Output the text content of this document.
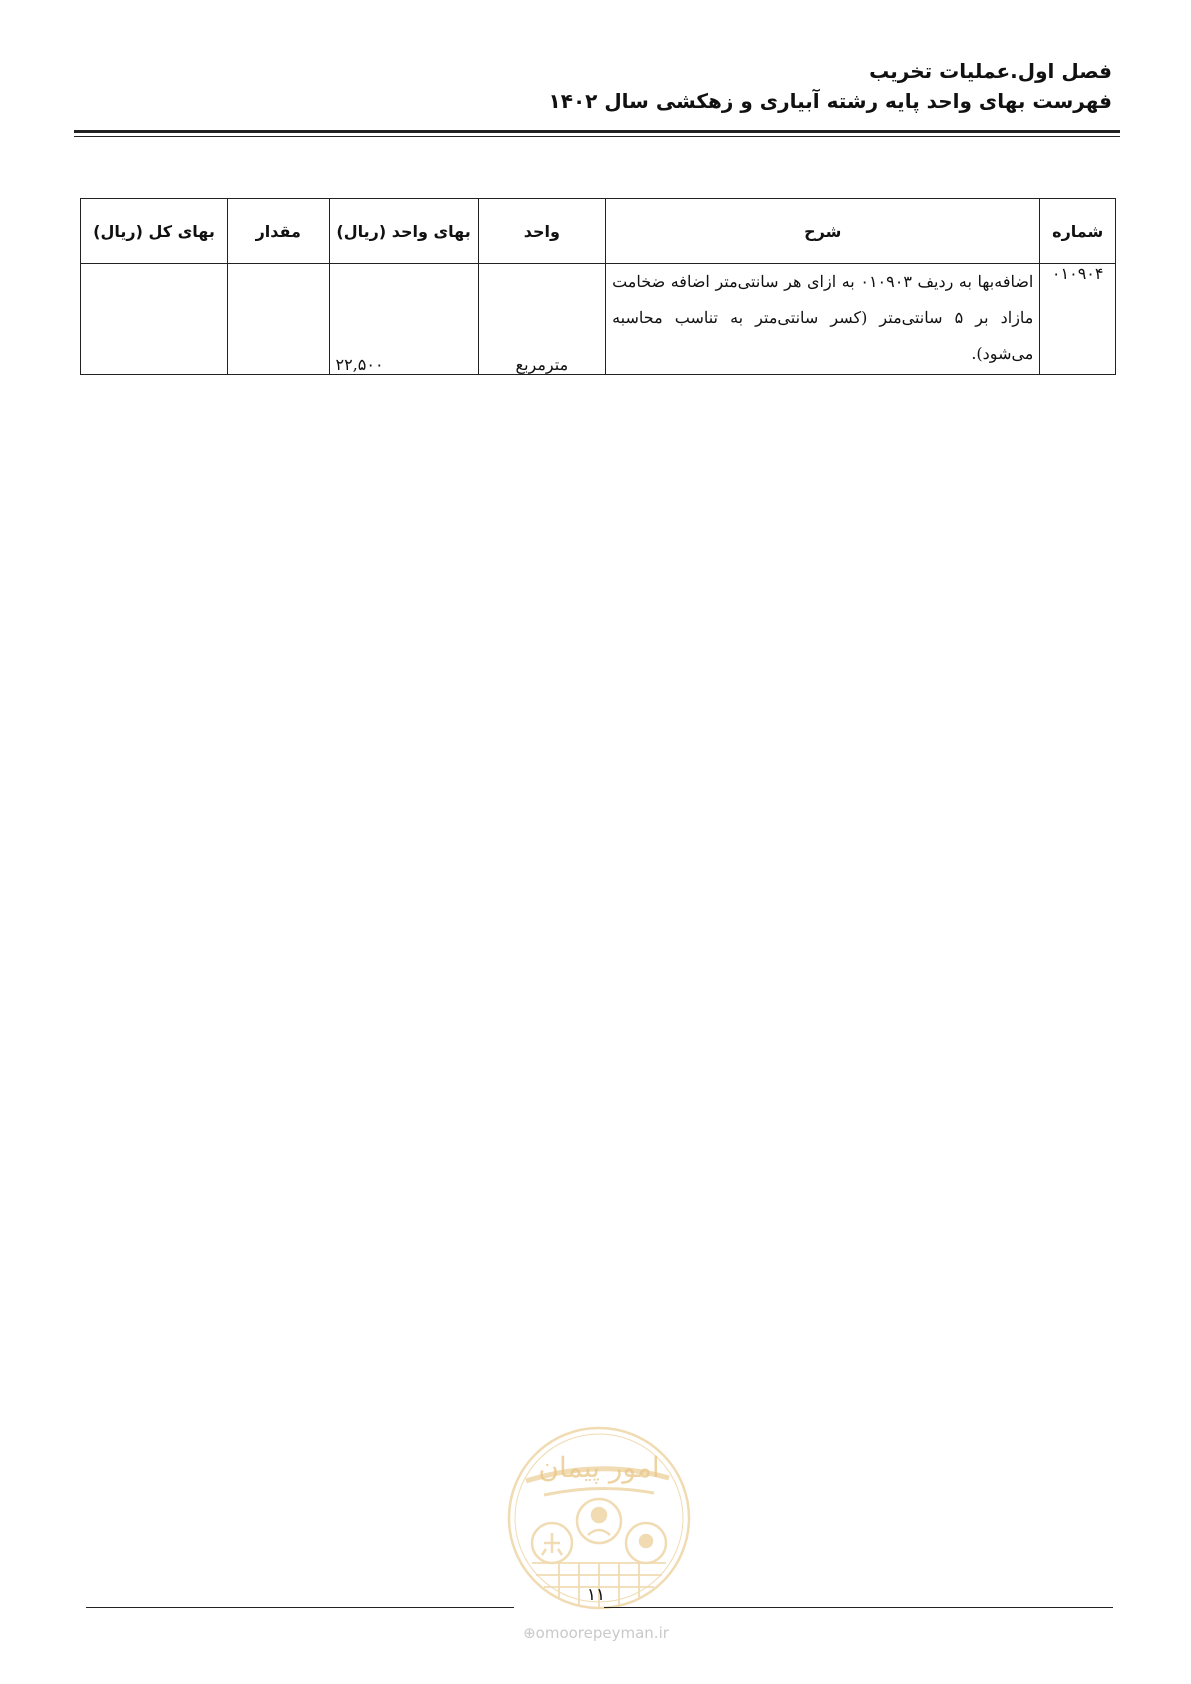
فصل اول.عملیات تخریب
فهرست بهای واحد پایه رشته آبیاری و زهکشی سال ۱۴۰۲
شماره	شرح	واحد	بهای واحد (ریال)	مقدار	بهای کل (ریال)
۰۱۰۹۰۴	اضافه‌بها به ردیف ۰۱۰۹۰۳ به ازای هر سانتی‌متر اضافه ضخامت مازاد بر ۵ سانتی‌متر (کسر سانتی‌متر به تناسب محاسبه می‌شود).	مترمربع	۲۲,۵۰۰		
امور پیمان
۱۱
⊕omoorepeyman.ir
